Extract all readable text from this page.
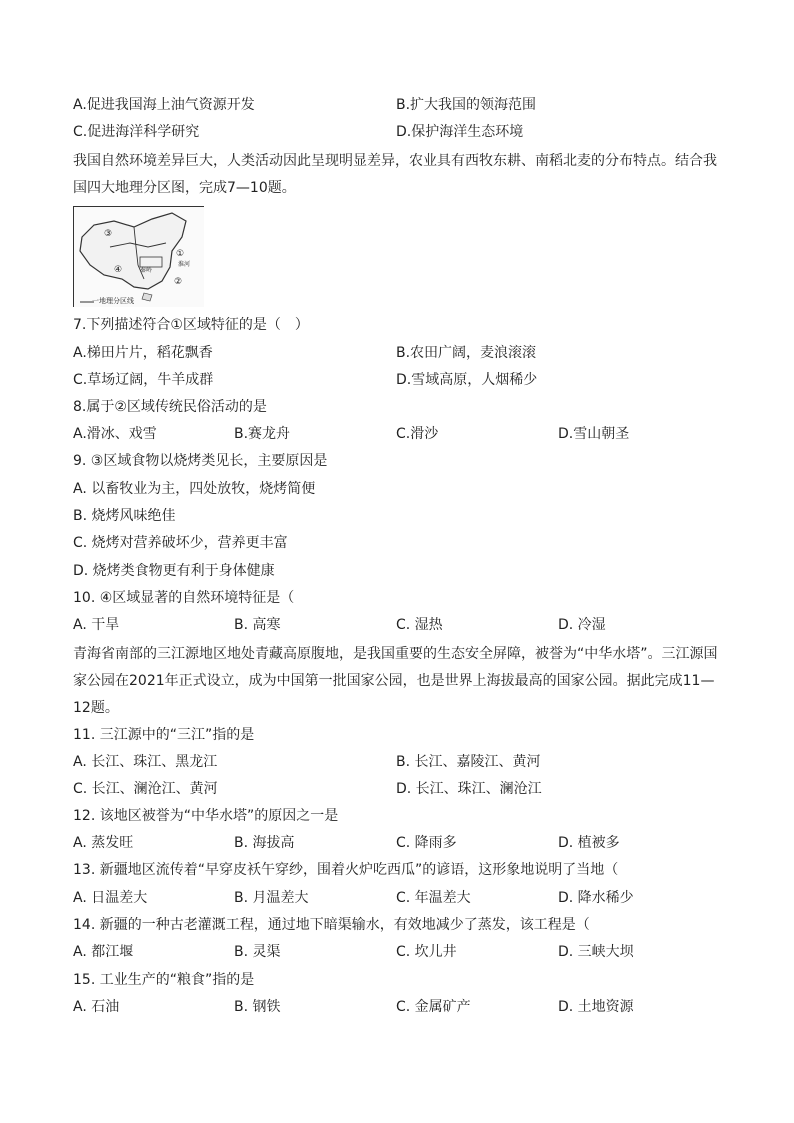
A.促进我国海上油气资源开发	B.扩大我国的领海范围
C.促进海洋科学研究	D.保护海洋生态环境
我国自然环境差异巨大，人类活动因此呈现明显差异，农业具有西牧东耕、南稻北麦的分布特点。结合我国四大地理分区图，完成7—10题。
③
①
④
②
秦岭
淮河
一地理分区线
7.下列描述符合①区域特征的是（　）
A.梯田片片，稻花飘香	B.农田广阔，麦浪滚滚
C.草场辽阔，牛羊成群	D.雪域高原，人烟稀少
8.属于②区域传统民俗活动的是
A.滑冰、戏雪	B.赛龙舟	C.滑沙	D.雪山朝圣
9. ③区域食物以烧烤类见长，主要原因是
A. 以畜牧业为主，四处放牧，烧烤简便
B. 烧烤风味绝佳
C. 烧烤对营养破坏少，营养更丰富
D. 烧烤类食物更有利于身体健康
10. ④区域显著的自然环境特征是（
A. 干旱	B. 高寒	C. 湿热	D. 冷湿
青海省南部的三江源地区地处青藏高原腹地，是我国重要的生态安全屏障，被誉为“中华水塔”。三江源国家公园在2021年正式设立，成为中国第一批国家公园，也是世界上海拔最高的国家公园。据此完成11—12题。
11. 三江源中的“三江”指的是
A. 长江、珠江、黑龙江	B. 长江、嘉陵江、黄河
C. 长江、澜沧江、黄河	D. 长江、珠江、澜沧江
12. 该地区被誉为“中华水塔”的原因之一是
A. 蒸发旺	B. 海拔高	C. 降雨多	D. 植被多
13. 新疆地区流传着“早穿皮袄午穿纱，围着火炉吃西瓜”的谚语，这形象地说明了当地（
A. 日温差大	B. 月温差大	C. 年温差大	D. 降水稀少
14. 新疆的一种古老灌溉工程，通过地下暗渠输水，有效地减少了蒸发，该工程是（
A. 都江堰	B. 灵渠	C. 坎儿井	D. 三峡大坝
15. 工业生产的“粮食”指的是
A. 石油	B. 钢铁	C. 金属矿产	D. 土地资源
